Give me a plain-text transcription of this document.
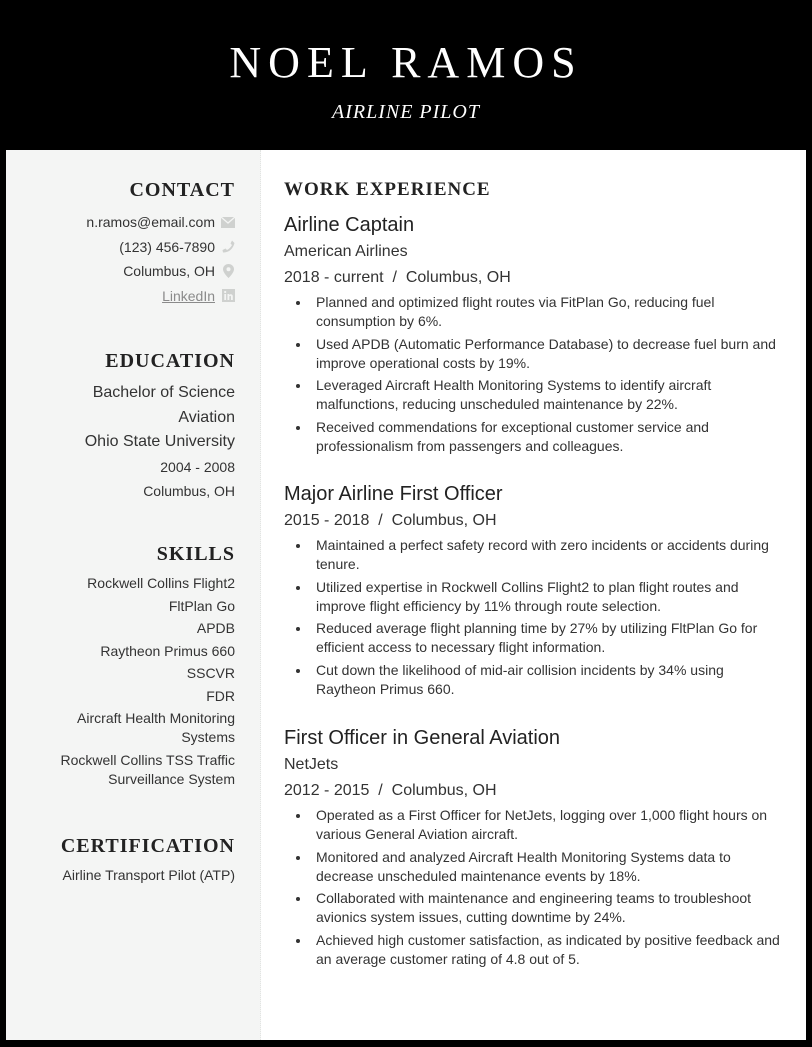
NOEL RAMOS
AIRLINE PILOT
CONTACT
n.ramos@email.com
(123) 456-7890
Columbus, OH
LinkedIn
EDUCATION
Bachelor of Science
Aviation
Ohio State University
2004 - 2008
Columbus, OH
SKILLS
Rockwell Collins Flight2
FltPlan Go
APDB
Raytheon Primus 660
SSCVR
FDR
Aircraft Health Monitoring Systems
Rockwell Collins TSS Traffic Surveillance System
CERTIFICATION
Airline Transport Pilot (ATP)
WORK EXPERIENCE
Airline Captain
American Airlines
2018 - current  /  Columbus, OH
Planned and optimized flight routes via FitPlan Go, reducing fuel consumption by 6%.
Used APDB (Automatic Performance Database) to decrease fuel burn and improve operational costs by 19%.
Leveraged Aircraft Health Monitoring Systems to identify aircraft malfunctions, reducing unscheduled maintenance by 22%.
Received commendations for exceptional customer service and professionalism from passengers and colleagues.
Major Airline First Officer
2015 - 2018  /  Columbus, OH
Maintained a perfect safety record with zero incidents or accidents during tenure.
Utilized expertise in Rockwell Collins Flight2 to plan flight routes and improve flight efficiency by 11% through route selection.
Reduced average flight planning time by 27% by utilizing FltPlan Go for efficient access to necessary flight information.
Cut down the likelihood of mid-air collision incidents by 34% using Raytheon Primus 660.
First Officer in General Aviation
NetJets
2012 - 2015  /  Columbus, OH
Operated as a First Officer for NetJets, logging over 1,000 flight hours on various General Aviation aircraft.
Monitored and analyzed Aircraft Health Monitoring Systems data to decrease unscheduled maintenance events by 18%.
Collaborated with maintenance and engineering teams to troubleshoot avionics system issues, cutting downtime by 24%.
Achieved high customer satisfaction, as indicated by positive feedback and an average customer rating of 4.8 out of 5.
